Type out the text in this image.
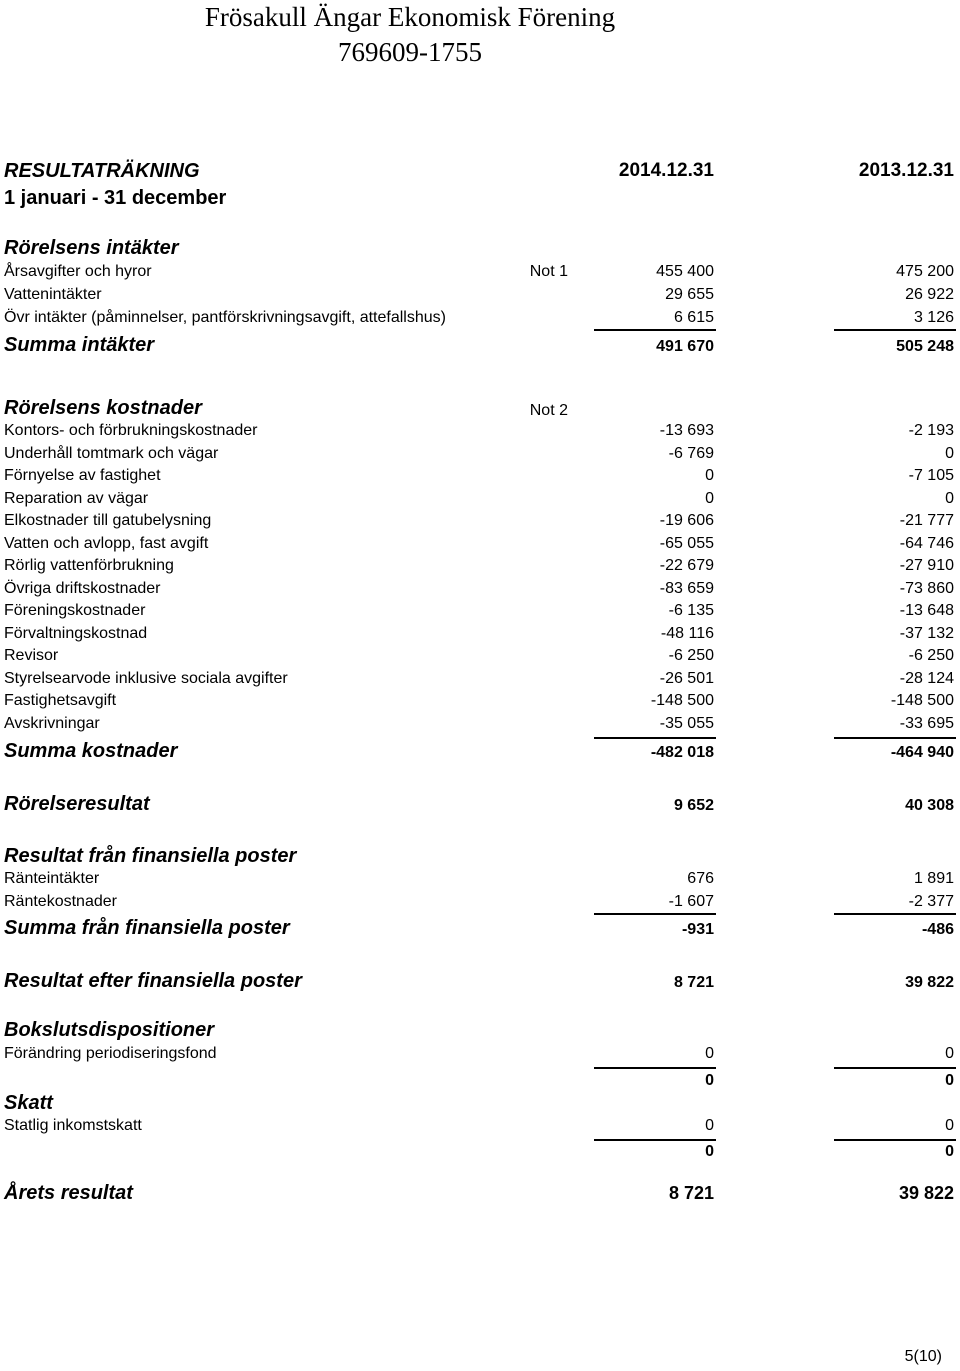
Frösakull Ängar Ekonomisk Förening
769609-1755
RESULTATRÄKNING	2014.12.31	2013.12.31
1 januari - 31 december
Rörelsens intäkter
Årsavgifter och hyror	Not 1	455 400	475 200
Vattenintäkter	29 655	26 922
Övr intäkter (påminnelser, pantförskrivningsavgift, attefallshus)	6 615	3 126
Summa intäkter	491 670	505 248
Rörelsens kostnader	Not 2
Kontors- och förbrukningskostnader	-13 693	-2 193
Underhåll tomtmark och vägar	-6 769	0
Förnyelse av fastighet	0	-7 105
Reparation av vägar	0	0
Elkostnader till gatubelysning	-19 606	-21 777
Vatten och avlopp, fast avgift	-65 055	-64 746
Rörlig vattenförbrukning	-22 679	-27 910
Övriga driftskostnader	-83 659	-73 860
Föreningskostnader	-6 135	-13 648
Förvaltningskostnad	-48 116	-37 132
Revisor	-6 250	-6 250
Styrelsearvode inklusive sociala avgifter	-26 501	-28 124
Fastighetsavgift	-148 500	-148 500
Avskrivningar	-35 055	-33 695
Summa kostnader	-482 018	-464 940
Rörelseresultat	9 652	40 308
Resultat från finansiella poster
Ränteintäkter	676	1 891
Räntekostnader	-1 607	-2 377
Summa från finansiella poster	-931	-486
Resultat efter finansiella poster	8 721	39 822
Bokslutsdispositioner
Förändring periodiseringsfond	0	0
0	0
Skatt
Statlig inkomstskatt	0	0
0	0
Årets resultat	8 721	39 822
5(10)
